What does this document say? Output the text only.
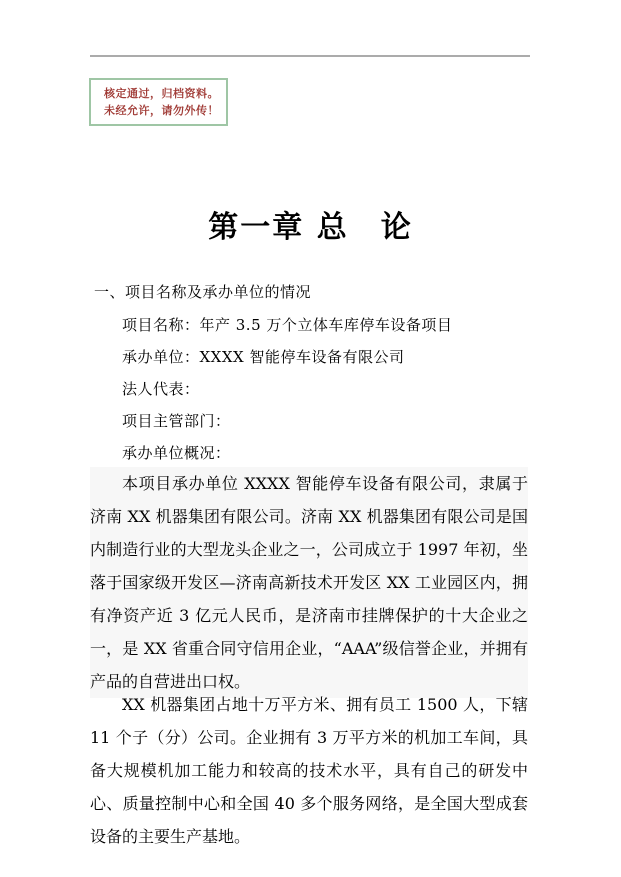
核定通过，归档资料。
未经允许，请勿外传！
第一章 总　论
一、项目名称及承办单位的情况
项目名称：年产 3.5 万个立体车库停车设备项目
承办单位：XXXX 智能停车设备有限公司
法人代表：
项目主管部门：
承办单位概况：

本项目承办单位 XXXX 智能停车设备有限公司，隶属于济南 XX 机器集团有限公司。济南 XX 机器集团有限公司是国内制造行业的大型龙头企业之一，公司成立于 1997 年初，坐落于国家级开发区—济南高新技术开发区 XX 工业园区内，拥有净资产近 3 亿元人民币，是济南市挂牌保护的十大企业之一，是 XX 省重合同守信用企业，“AAA”级信誉企业，并拥有产品的自营进出口权。

XX 机器集团占地十万平方米、拥有员工 1500 人，下辖 11 个子（分）公司。企业拥有 3 万平方米的机加工车间，具备大规模机加工能力和较高的技术水平，具有自己的研发中心、质量控制中心和全国 40 多个服务网络，是全国大型成套设备的主要生产基地。
